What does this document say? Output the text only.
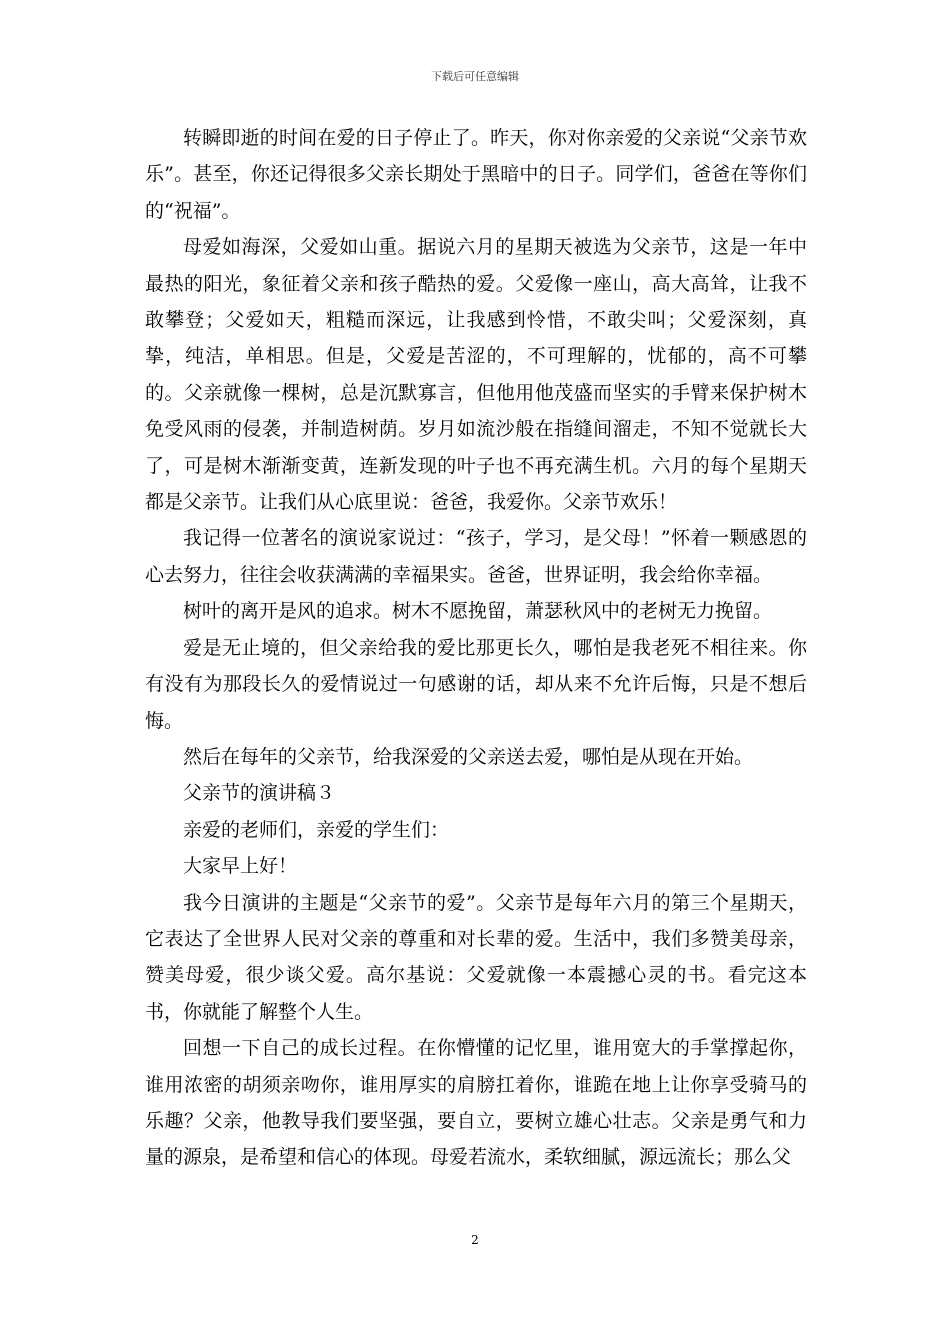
下载后可任意编辑

转瞬即逝的时间在爱的日子停止了。昨天，你对你亲爱的父亲说“父亲节欢乐”。甚至，你还记得很多父亲长期处于黑暗中的日子。同学们，爸爸在等你们的“祝福”。

母爱如海深，父爱如山重。据说六月的星期天被选为父亲节，这是一年中最热的阳光，象征着父亲和孩子酷热的爱。父爱像一座山，高大高耸，让我不敢攀登；父爱如天，粗糙而深远，让我感到怜惜，不敢尖叫；父爱深刻，真挚，纯洁，单相思。但是，父爱是苦涩的，不可理解的，忧郁的，高不可攀的。父亲就像一棵树，总是沉默寡言，但他用他茂盛而坚实的手臂来保护树木免受风雨的侵袭，并制造树荫。岁月如流沙般在指缝间溜走，不知不觉就长大了，可是树木渐渐变黄，连新发现的叶子也不再充满生机。六月的每个星期天都是父亲节。让我们从心底里说：爸爸，我爱你。父亲节欢乐！

我记得一位著名的演说家说过：“孩子，学习，是父母！”怀着一颗感恩的心去努力，往往会收获满满的幸福果实。爸爸，世界证明，我会给你幸福。

树叶的离开是风的追求。树木不愿挽留，萧瑟秋风中的老树无力挽留。

爱是无止境的，但父亲给我的爱比那更长久，哪怕是我老死不相往来。你有没有为那段长久的爱情说过一句感谢的话，却从来不允许后悔，只是不想后悔。

然后在每年的父亲节，给我深爱的父亲送去爱，哪怕是从现在开始。

父亲节的演讲稿３

亲爱的老师们，亲爱的学生们：

大家早上好！

我今日演讲的主题是“父亲节的爱”。父亲节是每年六月的第三个星期天，它表达了全世界人民对父亲的尊重和对长辈的爱。生活中，我们多赞美母亲，赞美母爱，很少谈父爱。高尔基说：父爱就像一本震撼心灵的书。看完这本书，你就能了解整个人生。

回想一下自己的成长过程。在你懵懂的记忆里，谁用宽大的手掌撑起你，谁用浓密的胡须亲吻你，谁用厚实的肩膀扛着你，谁跪在地上让你享受骑马的乐趣？父亲，他教导我们要坚强，要自立，要树立雄心壮志。父亲是勇气和力量的源泉，是希望和信心的体现。母爱若流水，柔软细腻，源远流长；那么父

2
